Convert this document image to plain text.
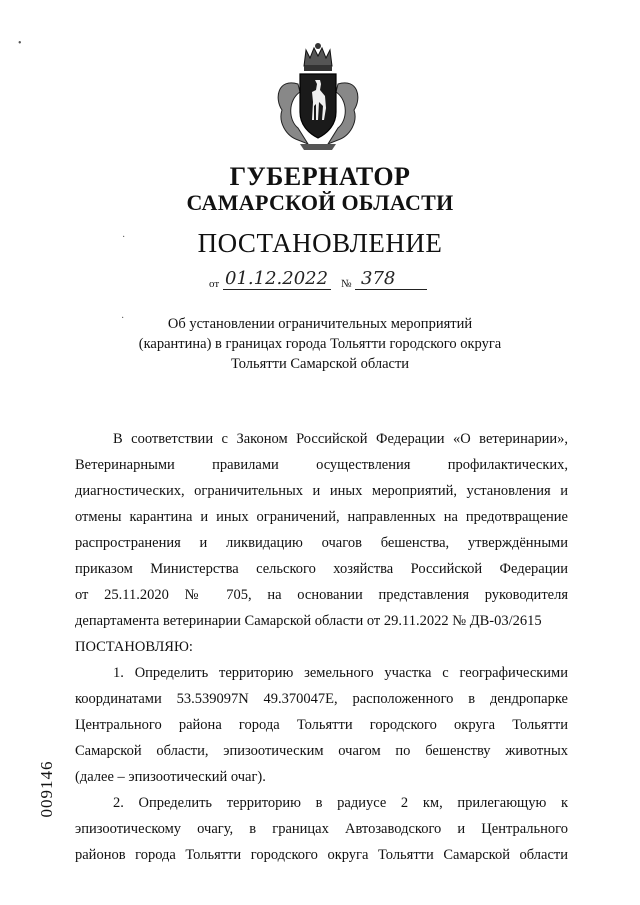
ГУБЕРНАТОР
САМАРСКОЙ ОБЛАСТИ
ПОСТАНОВЛЕНИЕ
от 01.12.2022 № 378
Об установлении ограничительных мероприятий
(карантина) в границах города Тольятти городского округа
Тольятти Самарской области
В соответствии с Законом Российской Федерации «О ветеринарии»,
Ветеринарными правилами осуществления профилактических,
диагностических, ограничительных и иных мероприятий, установления и
отмены карантина и иных ограничений, направленных на предотвращение
распространения и ликвидацию очагов бешенства, утверждёнными
приказом Министерства сельского хозяйства Российской Федерации
от 25.11.2020 № 705, на основании представления руководителя
департамента ветеринарии Самарской области от 29.11.2022 № ДВ-03/2615
ПОСТАНОВЛЯЮ:
1. Определить территорию земельного участка с географическими
координатами 53.539097N 49.370047E, расположенного в дендропарке
Центрального района города Тольятти городского округа Тольятти
Самарской области, эпизоотическим очагом по бешенству животных
(далее – эпизоотический очаг).
2. Определить территорию в радиусе 2 км, прилегающую к
эпизоотическому очагу, в границах Автозаводского и Центрального
районов города Тольятти городского округа Тольятти Самарской области
009146
•
·
·
